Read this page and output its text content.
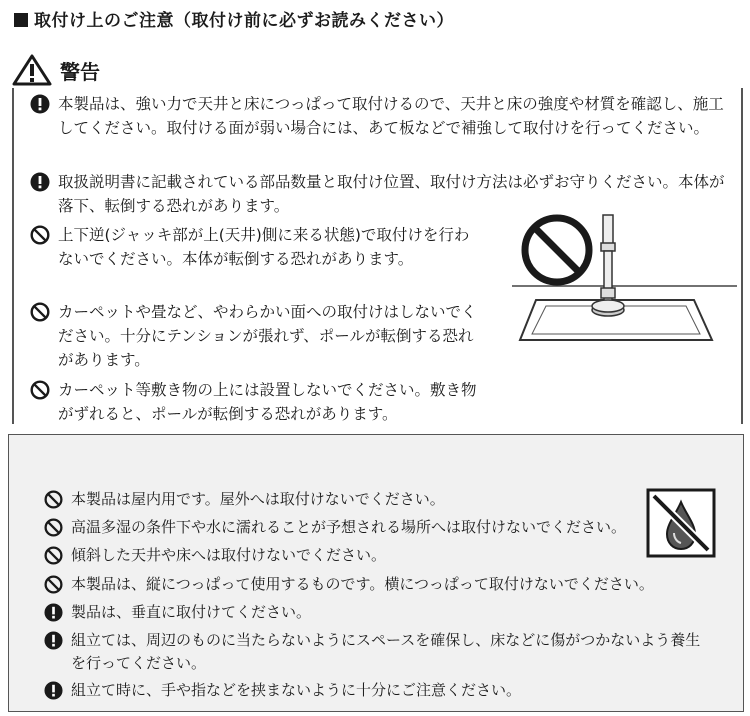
取付け上のご注意（取付け前に必ずお読みください）
警告
本製品は、強い力で天井と床につっぱって取付けるので、天井と床の強度や材質を確認し、施工してください。取付ける面が弱い場合には、あて板などで補強して取付けを行ってください。
取扱説明書に記載されている部品数量と取付け位置、取付け方法は必ずお守りください。本体が落下、転倒する恐れがあります。
上下逆(ジャッキ部が上(天井)側に来る状態)で取付けを行わないでください。本体が転倒する恐れがあります。
カーペットや畳など、やわらかい面への取付けはしないでください。十分にテンションが張れず、ポールが転倒する恐れがあります。
カーペット等敷き物の上には設置しないでください。敷き物がずれると、ポールが転倒する恐れがあります。
本製品は屋内用です。屋外へは取付けないでください。
高温多湿の条件下や水に濡れることが予想される場所へは取付けないでください。
傾斜した天井や床へは取付けないでください。
本製品は、縦につっぱって使用するものです。横につっぱって取付けないでください。
製品は、垂直に取付けてください。
組立ては、周辺のものに当たらないようにスペースを確保し、床などに傷がつかないよう養生を行ってください。
組立て時に、手や指などを挟まないように十分にご注意ください。
